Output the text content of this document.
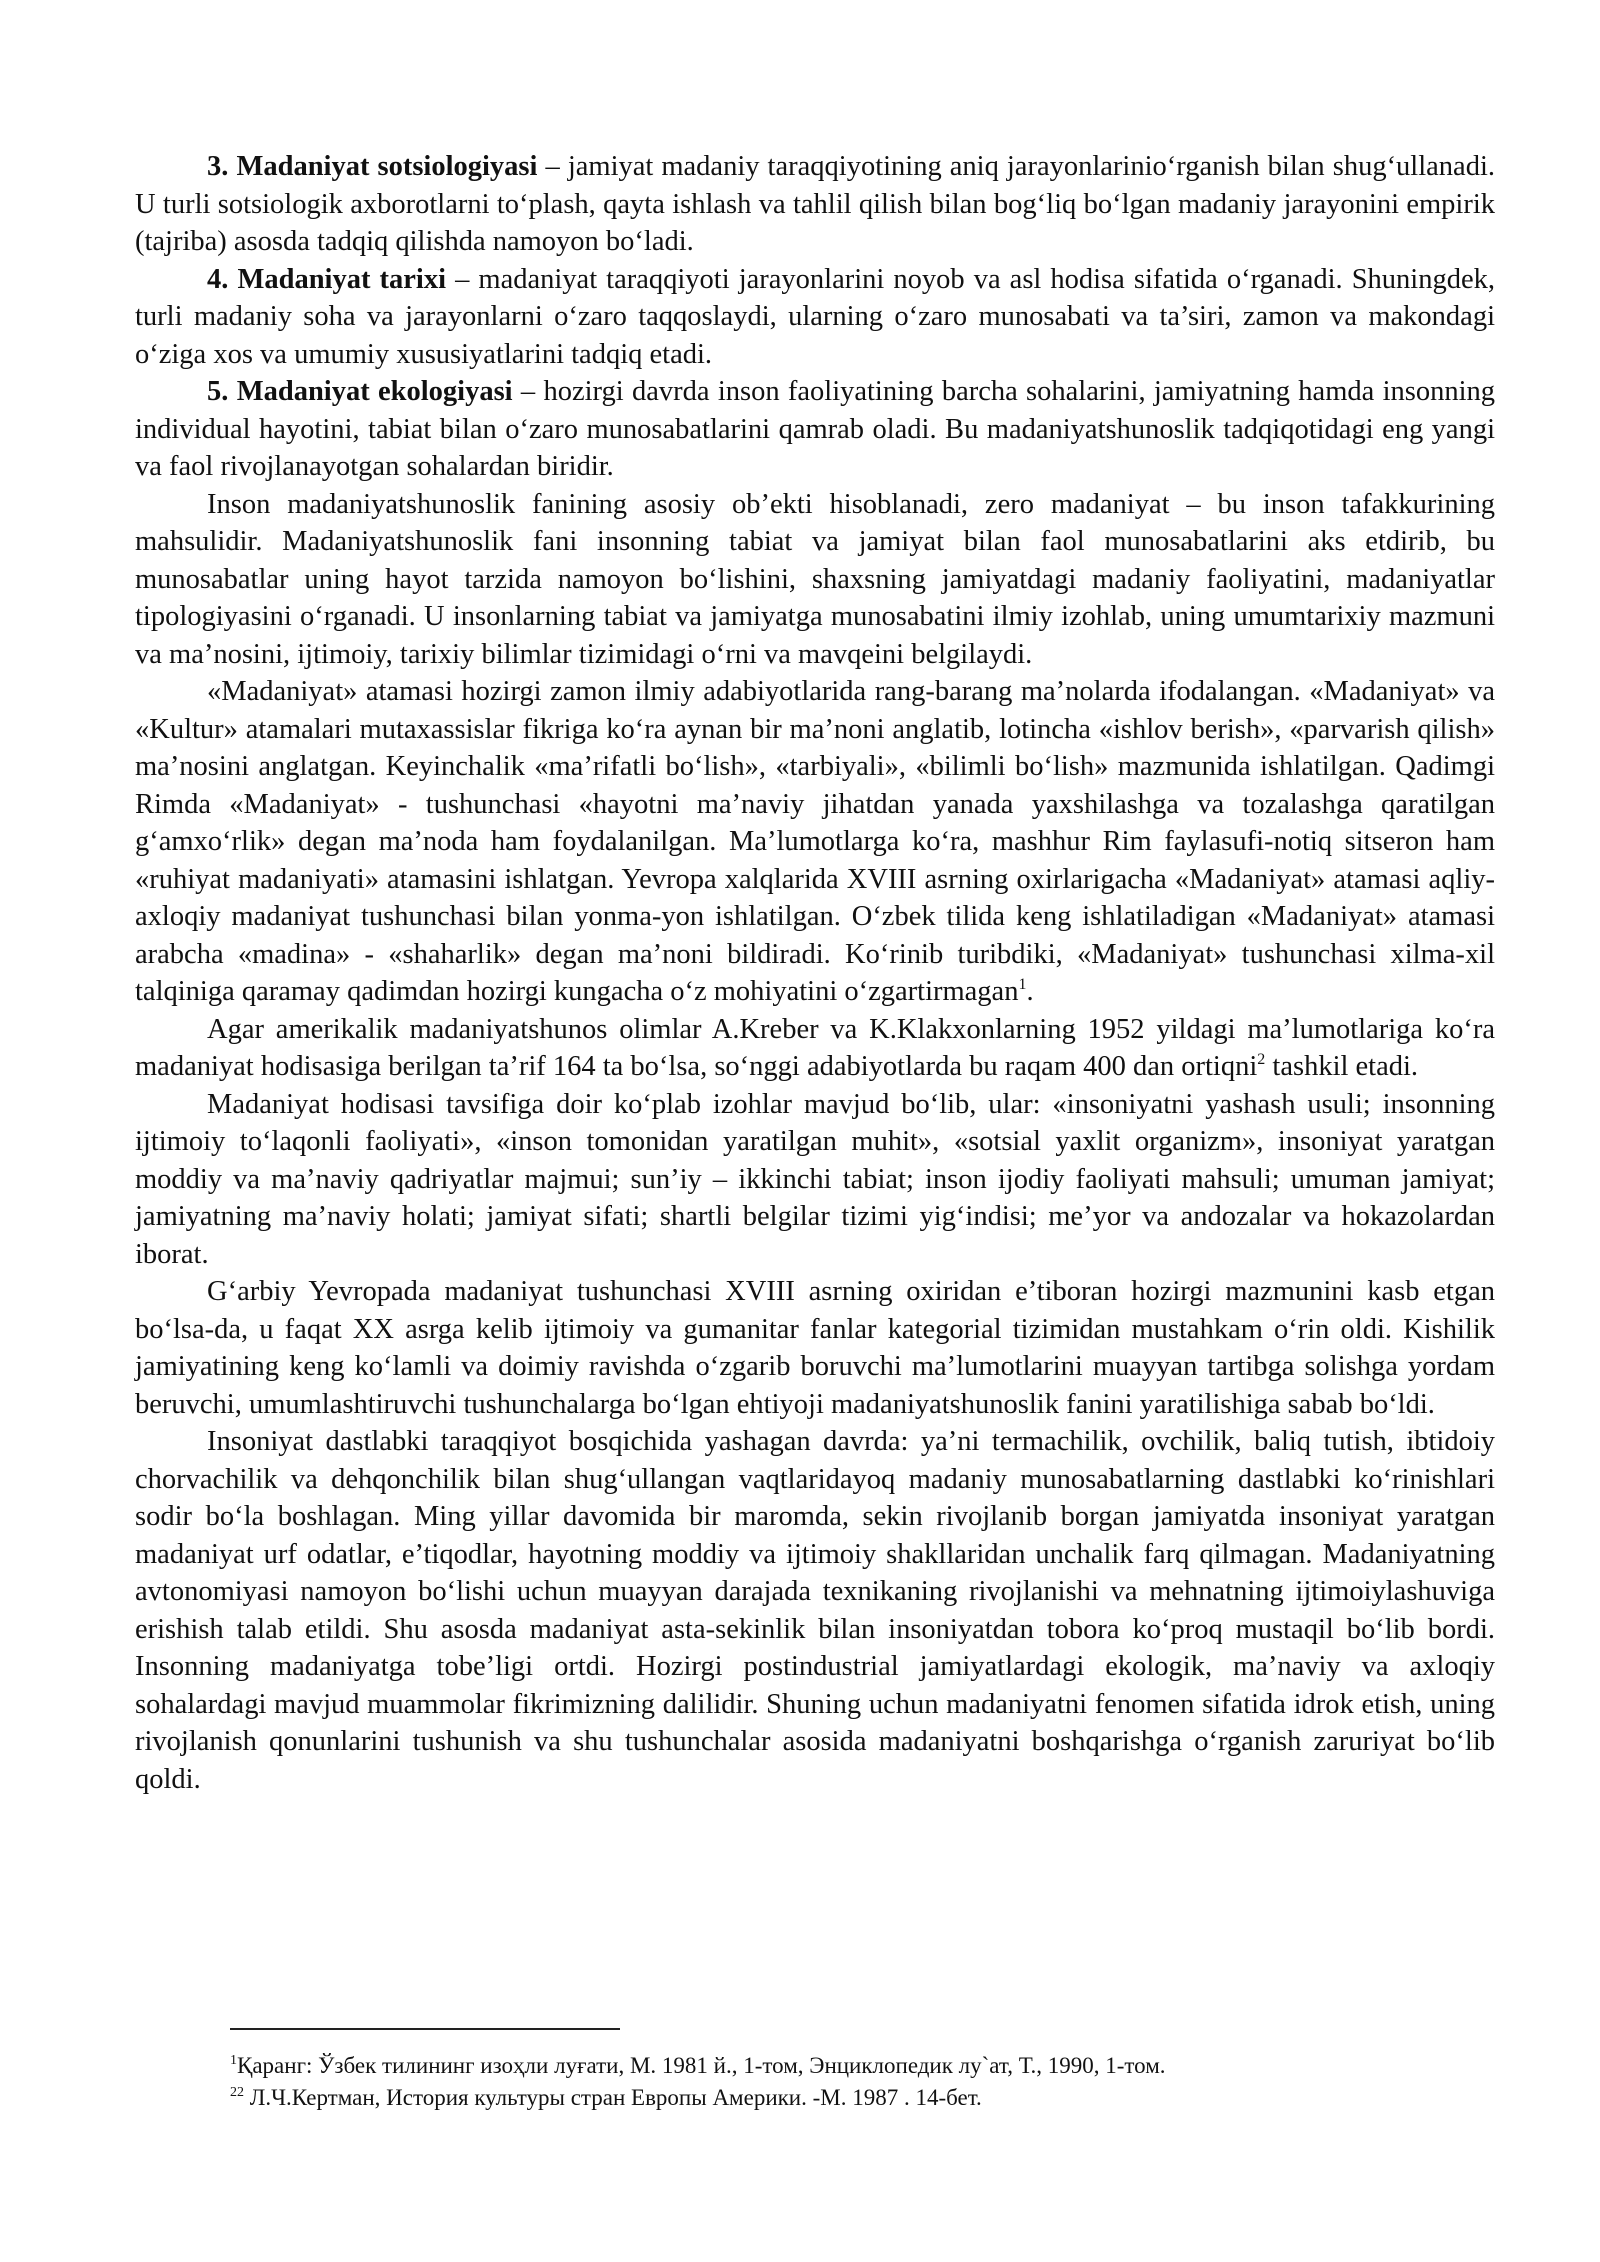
3. Madaniyat sotsiologiyasi – jamiyat madaniy taraqqiyotining aniq jarayonlarinio‘rganish bilan shug‘ullanadi. U turli sotsiologik axborotlarni to‘plash, qayta ishlash va tahlil qilish bilan bog‘liq bo‘lgan madaniy jarayonini empirik (tajriba) asosda tadqiq qilishda namoyon bo‘ladi.

4. Madaniyat tarixi – madaniyat taraqqiyoti jarayonlarini noyob va asl hodisa sifatida o‘rganadi. Shuningdek, turli madaniy soha va jarayonlarni o‘zaro taqqoslaydi, ularning o‘zaro munosabati va ta’siri, zamon va makondagi o‘ziga xos va umumiy xususiyatlarini tadqiq etadi.

5. Madaniyat ekologiyasi – hozirgi davrda inson faoliyatining barcha sohalarini, jamiyatning hamda insonning individual hayotini, tabiat bilan o‘zaro munosabatlarini qamrab oladi. Bu madaniyatshunoslik tadqiqotidagi eng yangi va faol rivojlanayotgan sohalardan biridir.

Inson madaniyatshunoslik fanining asosiy ob’ekti hisoblanadi, zero madaniyat – bu inson tafakkurining mahsulidir. Madaniyatshunoslik fani insonning tabiat va jamiyat bilan faol munosabatlarini aks etdirib, bu munosabatlar uning hayot tarzida namoyon bo‘lishini, shaxsning jamiyatdagi madaniy faoliyatini, madaniyatlar tipologiyasini o‘rganadi. U insonlarning tabiat va jamiyatga munosabatini ilmiy izohlab, uning umumtarixiy mazmuni va ma’nosini, ijtimoiy, tarixiy bilimlar tizimidagi o‘rni va mavqeini belgilaydi.

«Madaniyat» atamasi hozirgi zamon ilmiy adabiyotlarida rang-barang ma’nolarda ifodalangan. «Madaniyat» va «Kultur» atamalari mutaxassislar fikriga ko‘ra aynan bir ma’noni anglatib, lotincha «ishlov berish», «parvarish qilish» ma’nosini anglatgan. Keyinchalik «ma’rifatli bo‘lish», «tarbiyali», «bilimli bo‘lish» mazmunida ishlatilgan. Qadimgi Rimda «Madaniyat» - tushunchasi «hayotni ma’naviy jihatdan yanada yaxshilashga va tozalashga qaratilgan g‘amxo‘rlik» degan ma’noda ham foydalanilgan. Ma’lumotlarga ko‘ra, mashhur Rim faylasufi-notiq sitseron ham «ruhiyat madaniyati» atamasini ishlatgan. Yevropa xalqlarida XVIII asrning oxirlarigacha «Madaniyat» atamasi aqliy-axloqiy madaniyat tushunchasi bilan yonma-yon ishlatilgan. O‘zbek tilida keng ishlatiladigan «Madaniyat» atamasi arabcha «madina» - «shaharlik» degan ma’noni bildiradi. Ko‘rinib turibdiki, «Madaniyat» tushunchasi xilma-xil talqiniga qaramay qadimdan hozirgi kungacha o‘z mohiyatini o‘zgartirmagan$^1$.

Agar amerikalik madaniyatshunos olimlar A.Kreber va K.Klakxonlarning 1952 yildagi ma’lumotlariga ko‘ra madaniyat hodisasiga berilgan ta’rif 164 ta bo‘lsa, so‘nggi adabiyotlarda bu raqam 400 dan ortiqni$^2$ tashkil etadi.

Madaniyat hodisasi tavsifiga doir ko‘plab izohlar mavjud bo‘lib, ular: «insoniyatni yashash usuli; insonning ijtimoiy to‘laqonli faoliyati», «inson tomonidan yaratilgan muhit», «sotsial yaxlit organizm», insoniyat yaratgan moddiy va ma’naviy qadriyatlar majmui; sun’iy – ikkinchi tabiat; inson ijodiy faoliyati mahsuli; umuman jamiyat; jamiyatning ma’naviy holati; jamiyat sifati; shartli belgilar tizimi yig‘indisi; me’yor va andozalar va hokazolardan iborat.

G‘arbiy Yevropada madaniyat tushunchasi XVIII asrning oxiridan e’tiboran hozirgi mazmunini kasb etgan bo‘lsa-da, u faqat XX asrga kelib ijtimoiy va gumanitar fanlar kategorial tizimidan mustahkam o‘rin oldi. Kishilik jamiyatining keng ko‘lamli va doimiy ravishda o‘zgarib boruvchi ma’lumotlarini muayyan tartibga solishga yordam beruvchi, umumlashtiruvchi tushunchalarga bo‘lgan ehtiyoji madaniyatshunoslik fanini yaratilishiga sabab bo‘ldi.

Insoniyat dastlabki taraqqiyot bosqichida yashagan davrda: ya’ni termachilik, ovchilik, baliq tutish, ibtidoiy chorvachilik va dehqonchilik bilan shug‘ullangan vaqtlaridayoq madaniy munosabatlarning dastlabki ko‘rinishlari sodir bo‘la boshlagan. Ming yillar davomida bir maromda, sekin rivojlanib borgan jamiyatda insoniyat yaratgan madaniyat urf odatlar, e’tiqodlar, hayotning moddiy va ijtimoiy shakllaridan unchalik farq qilmagan. Madaniyatning avtonomiyasi namoyon bo‘lishi uchun muayyan darajada texnikaning rivojlanishi va mehnatning ijtimoiylashuviga erishish talab etildi. Shu asosda madaniyat asta-sekinlik bilan insoniyatdan tobora ko‘proq mustaqil bo‘lib bordi. Insonning madaniyatga tobe’ligi ortdi. Hozirgi postindustrial jamiyatlardagi ekologik, ma’naviy va axloqiy sohalardagi mavjud muammolar fikrimizning dalilidir. Shuning uchun madaniyatni fenomen sifatida idrok etish, uning rivojlanish qonunlarini tushunish va shu tushunchalar asosida madaniyatni boshqarishga o‘rganish zaruriyat bo‘lib qoldi.

$^1$Қаранг: Ўзбек тилининг изоҳли луғати, М. 1981 й., 1-том, Энциклопедик лу`ат, Т., 1990, 1-том.

$^{22}$ Л.Ч.Кертман, История культуры стран Европы Америки. -М. 1987 . 14-бет.
